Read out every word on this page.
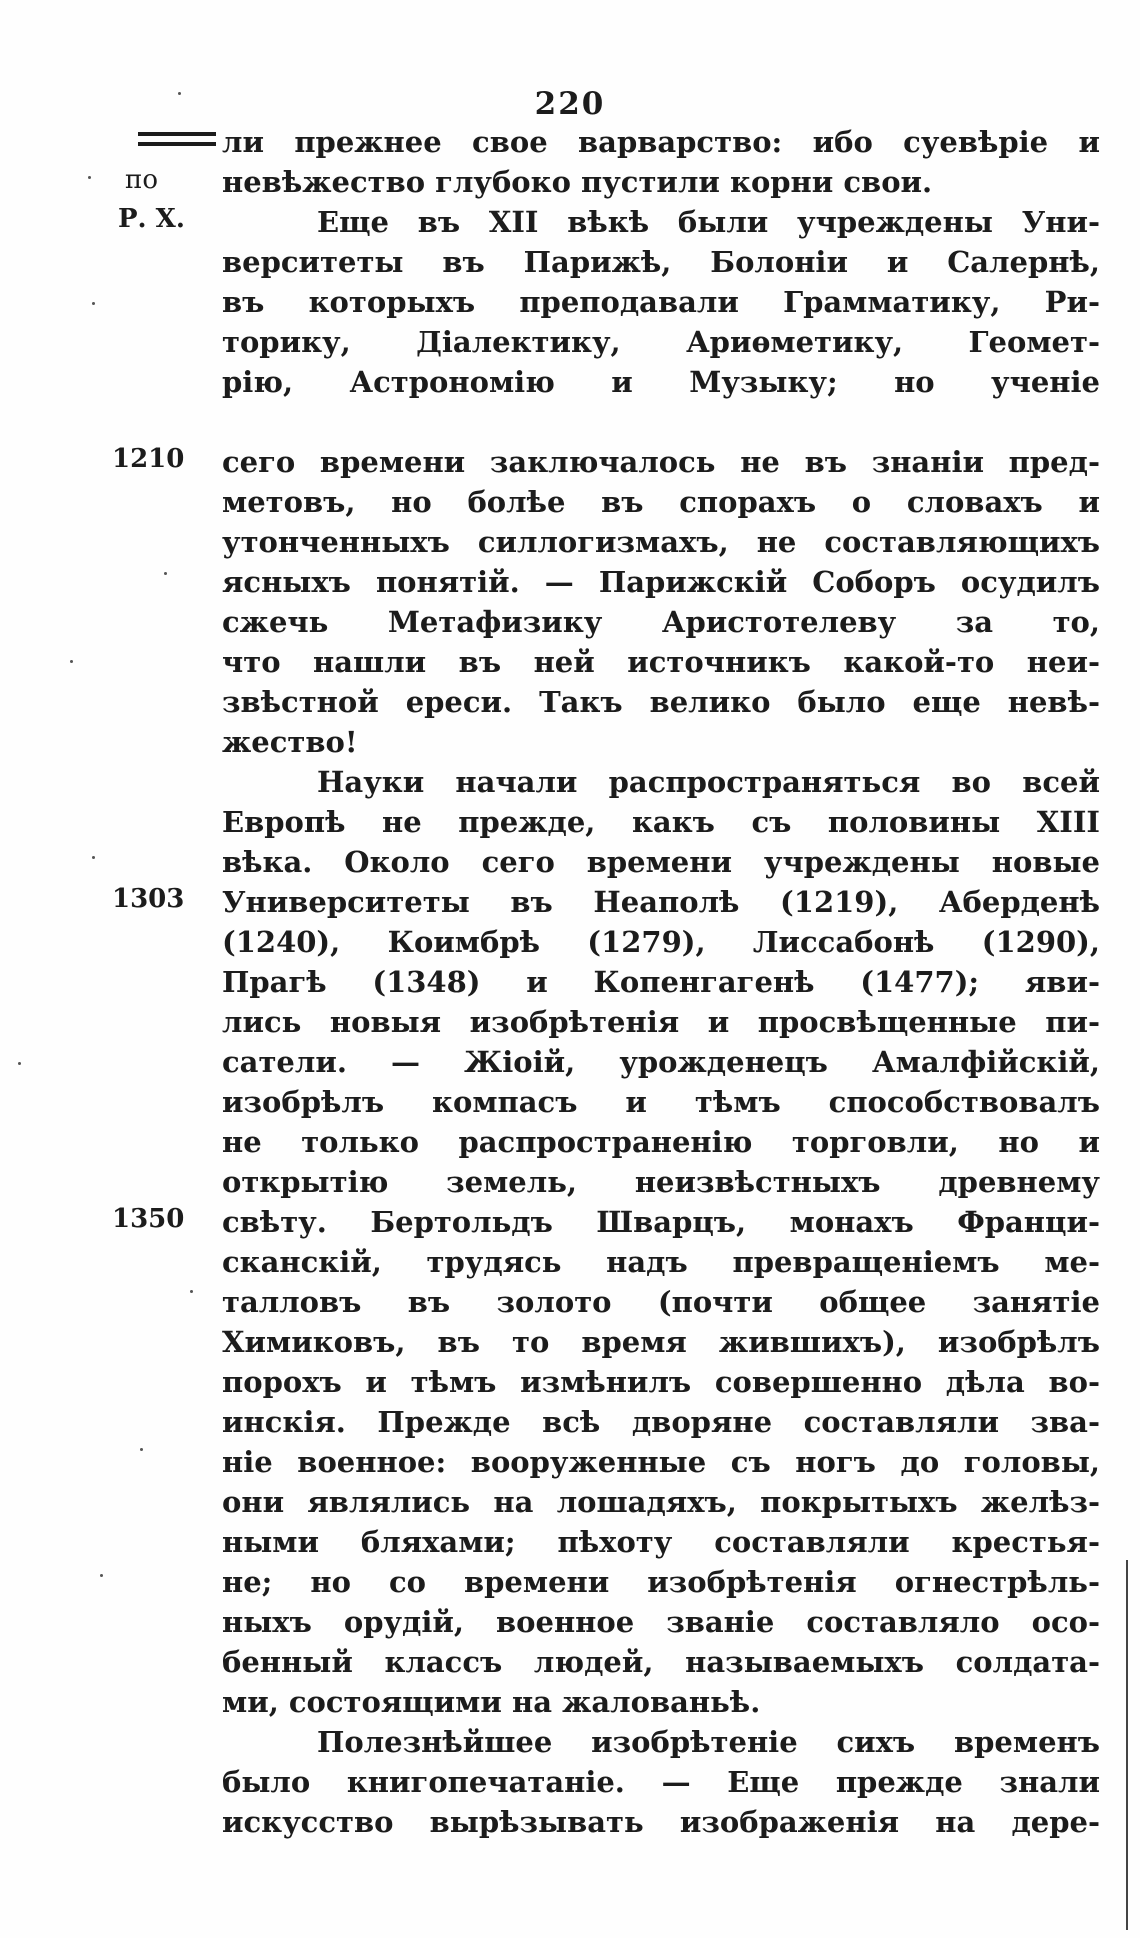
220
по
Р. Х.
1210
1303
1350
ли прежнее свое варварство: ибо суевѣріе и
невѣжество глубоко пустили корни свои.
Еще въ XII вѣкѣ были учреждены Уни-
верситеты въ Парижѣ, Болоніи и Салернѣ,
въ которыхъ преподавали Грамматику, Ри-
торику, Діалектику, Ариѳметику, Геомет-
рію, Астрономію и Музыку; но ученіе
сего времени заключалось не въ знаніи пред-
метовъ, но болѣе въ спорахъ о словахъ и
утонченныхъ силлогизмахъ, не составляющихъ
ясныхъ понятій. — Парижскій Соборъ осудилъ
сжечь Метафизику Аристотелеву за то,
что нашли въ ней источникъ какой-то неи-
звѣстной ереси. Такъ велико было еще невѣ-
жество!
Науки начали распространяться во всей
Европѣ не прежде, какъ съ половины XIII
вѣка. Около сего времени учреждены новые
Университеты въ Неаполѣ (1219), Аберденѣ
(1240), Коимбрѣ (1279), Лиссабонѣ (1290),
Прагѣ (1348) и Копенгагенѣ (1477); яви-
лись новыя изобрѣтенія и просвѣщенные пи-
сатели. — Жіоій, урожденецъ Амалфійскій,
изобрѣлъ компасъ и тѣмъ способствовалъ
не только распространенію торговли, но и
открытію земель, неизвѣстныхъ древнему
свѣту. Бертольдъ Шварцъ, монахъ Франци-
сканскій, трудясь надъ превращеніемъ ме-
талловъ въ золото (почти общее занятіе
Химиковъ, въ то время жившихъ), изобрѣлъ
порохъ и тѣмъ измѣнилъ совершенно дѣла во-
инскія. Прежде всѣ дворяне составляли зва-
ніе военное: вооруженные съ ногъ до головы,
они являлись на лошадяхъ, покрытыхъ желѣз-
ными бляхами; пѣхоту составляли крестья-
не; но со времени изобрѣтенія огнестрѣль-
ныхъ орудій, военное званіе составляло осо-
бенный классъ людей, называемыхъ солдата-
ми, состоящими на жалованьѣ.
Полезнѣйшее изобрѣтеніе сихъ временъ
было книгопечатаніе. — Еще прежде знали
искусство вырѣзывать изображенія на дере-
